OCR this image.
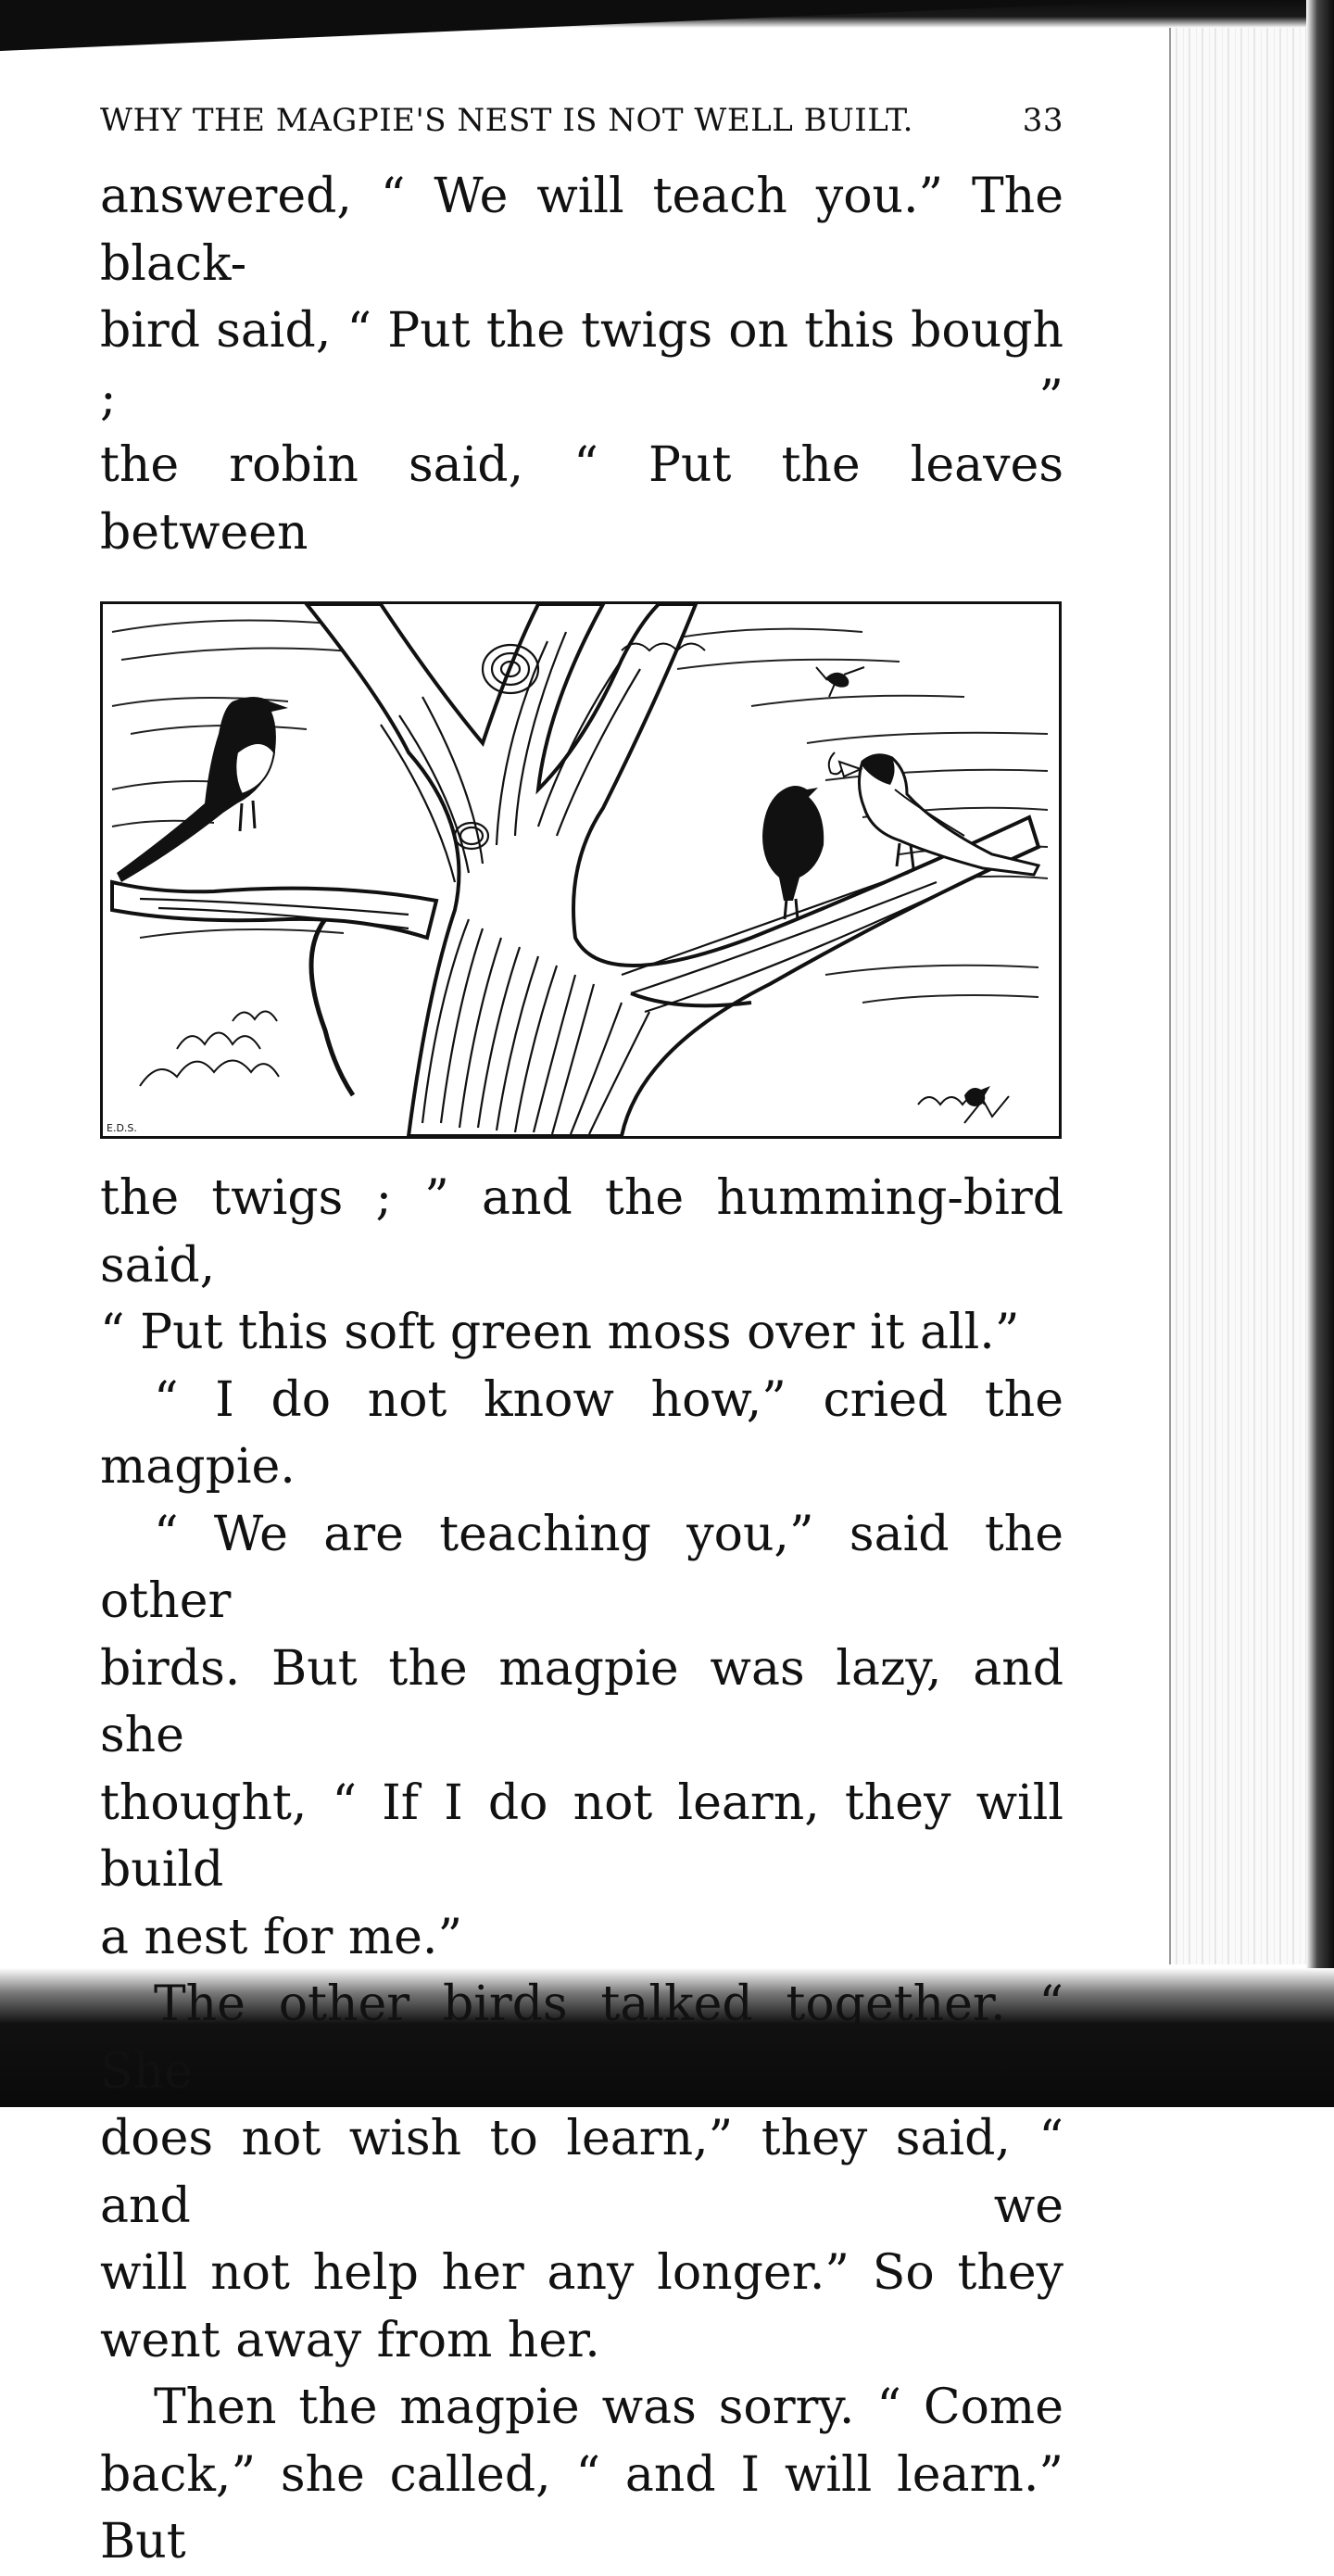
WHY THE MAGPIE'S NEST IS NOT WELL BUILT.	33

answered, “ We will teach you.” The black-

bird said, “ Put the twigs on this bough ; ”

the robin said, “ Put the leaves between

E.D.S.

the twigs ; ” and the humming-bird said,

“ Put this soft green moss over it all.”

“ I do not know how,” cried the magpie.

“ We are teaching you,” said the other

birds. But the magpie was lazy, and she

thought, “ If I do not learn, they will build

a nest for me.”

The other birds talked together. “ She

does not wish to learn,” they said, “ and we

will not help her any longer.” So they

went away from her.

Then the magpie was sorry. “ Come

back,” she called, “ and I will learn.” But
